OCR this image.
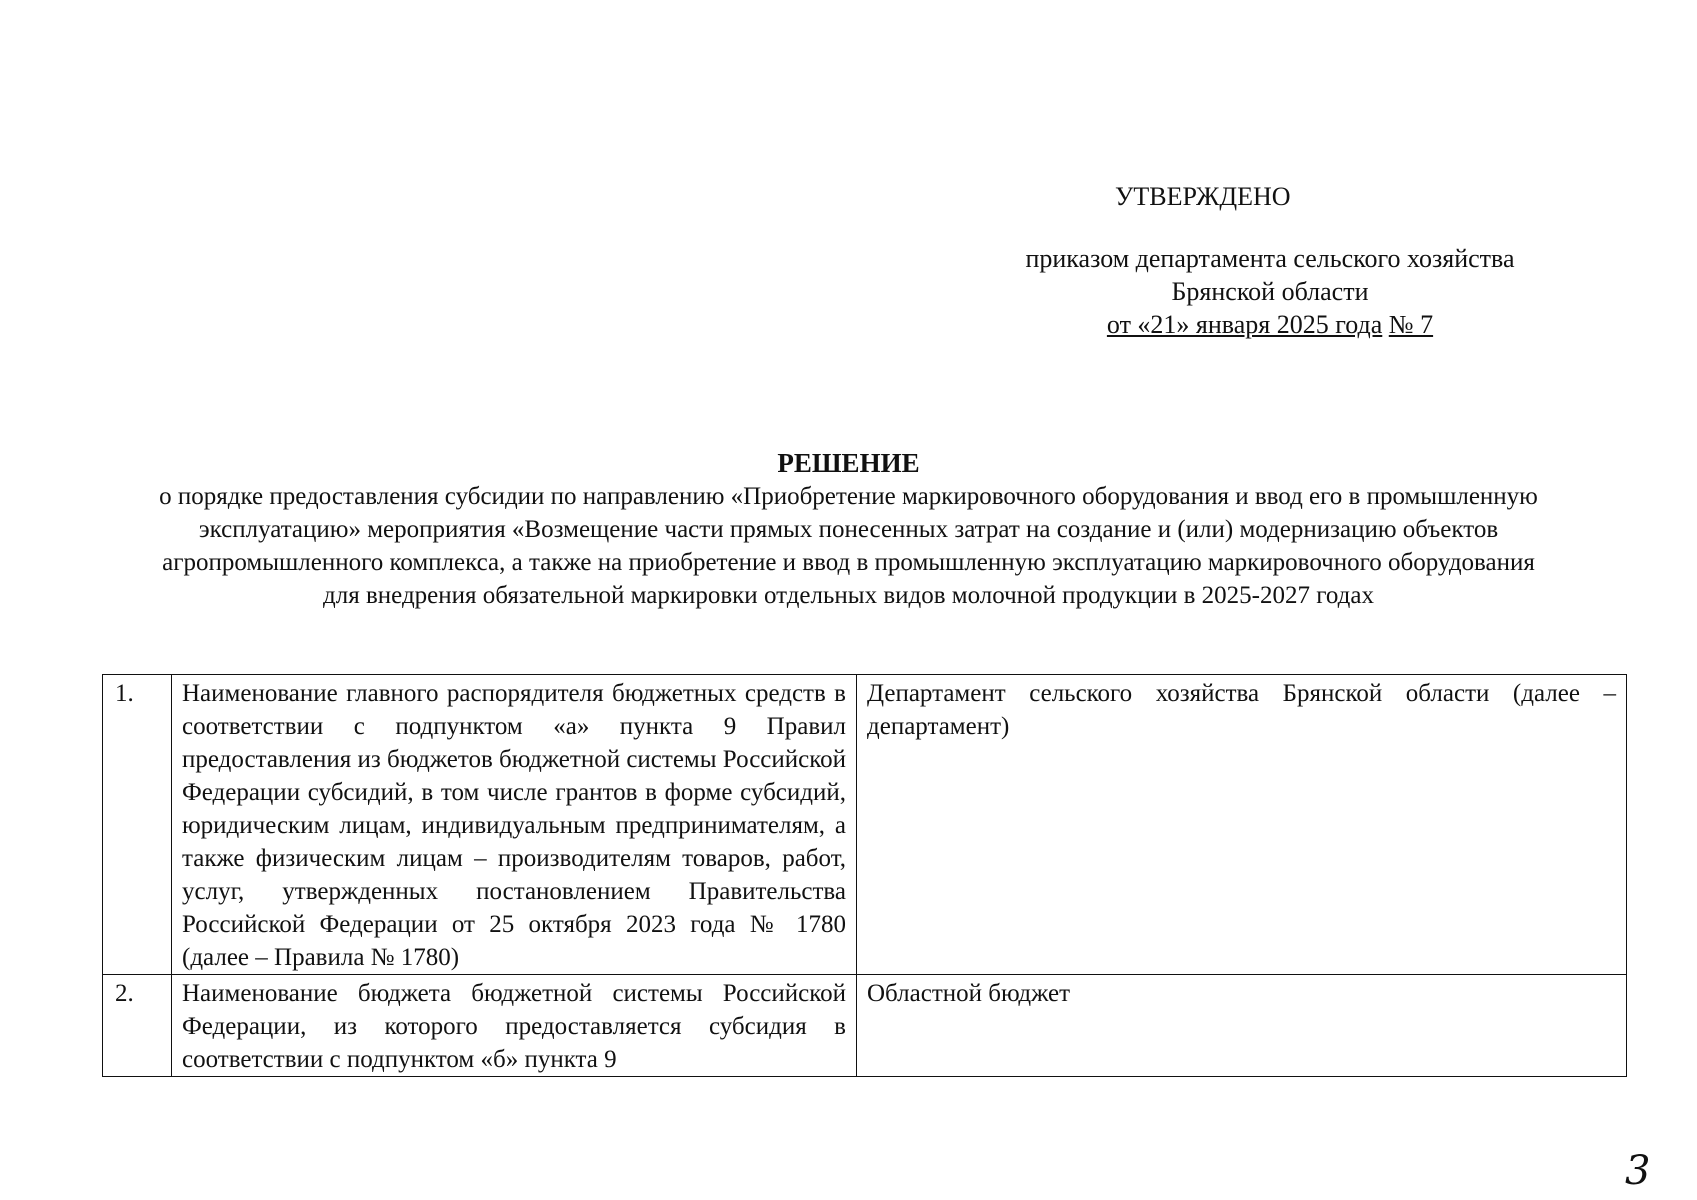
УТВЕРЖДЕНО
приказом департамента сельского хозяйства
Брянской области
от «21» января 2025 года № 7
РЕШЕНИЕ
о порядке предоставления субсидии по направлению «Приобретение маркировочного оборудования и ввод его в промышленную эксплуатацию» мероприятия «Возмещение части прямых понесенных затрат на создание и (или) модернизацию объектов агропромышленного комплекса, а также на приобретение и ввод в промышленную эксплуатацию маркировочного оборудования для внедрения обязательной маркировки отдельных видов молочной продукции в 2025-2027 годах
1.	Наименование главного распорядителя бюджетных средств в соответствии с подпунктом «а» пункта 9 Правил предоставления из бюджетов бюджетной системы Российской Федерации субсидий, в том числе грантов в форме субсидий, юридическим лицам, индивидуальным предпринимателям, а также физическим лицам – производителям товаров, работ, услуг, утвержденных постановлением Правительства Российской Федерации от 25 октября 2023 года № 1780 (далее – Правила № 1780)	Департамент сельского хозяйства Брянской области (далее – департамент)
2.	Наименование бюджета бюджетной системы Российской Федерации, из которого предоставляется субсидия в соответствии с подпунктом «б» пункта 9	Областной бюджет
3
